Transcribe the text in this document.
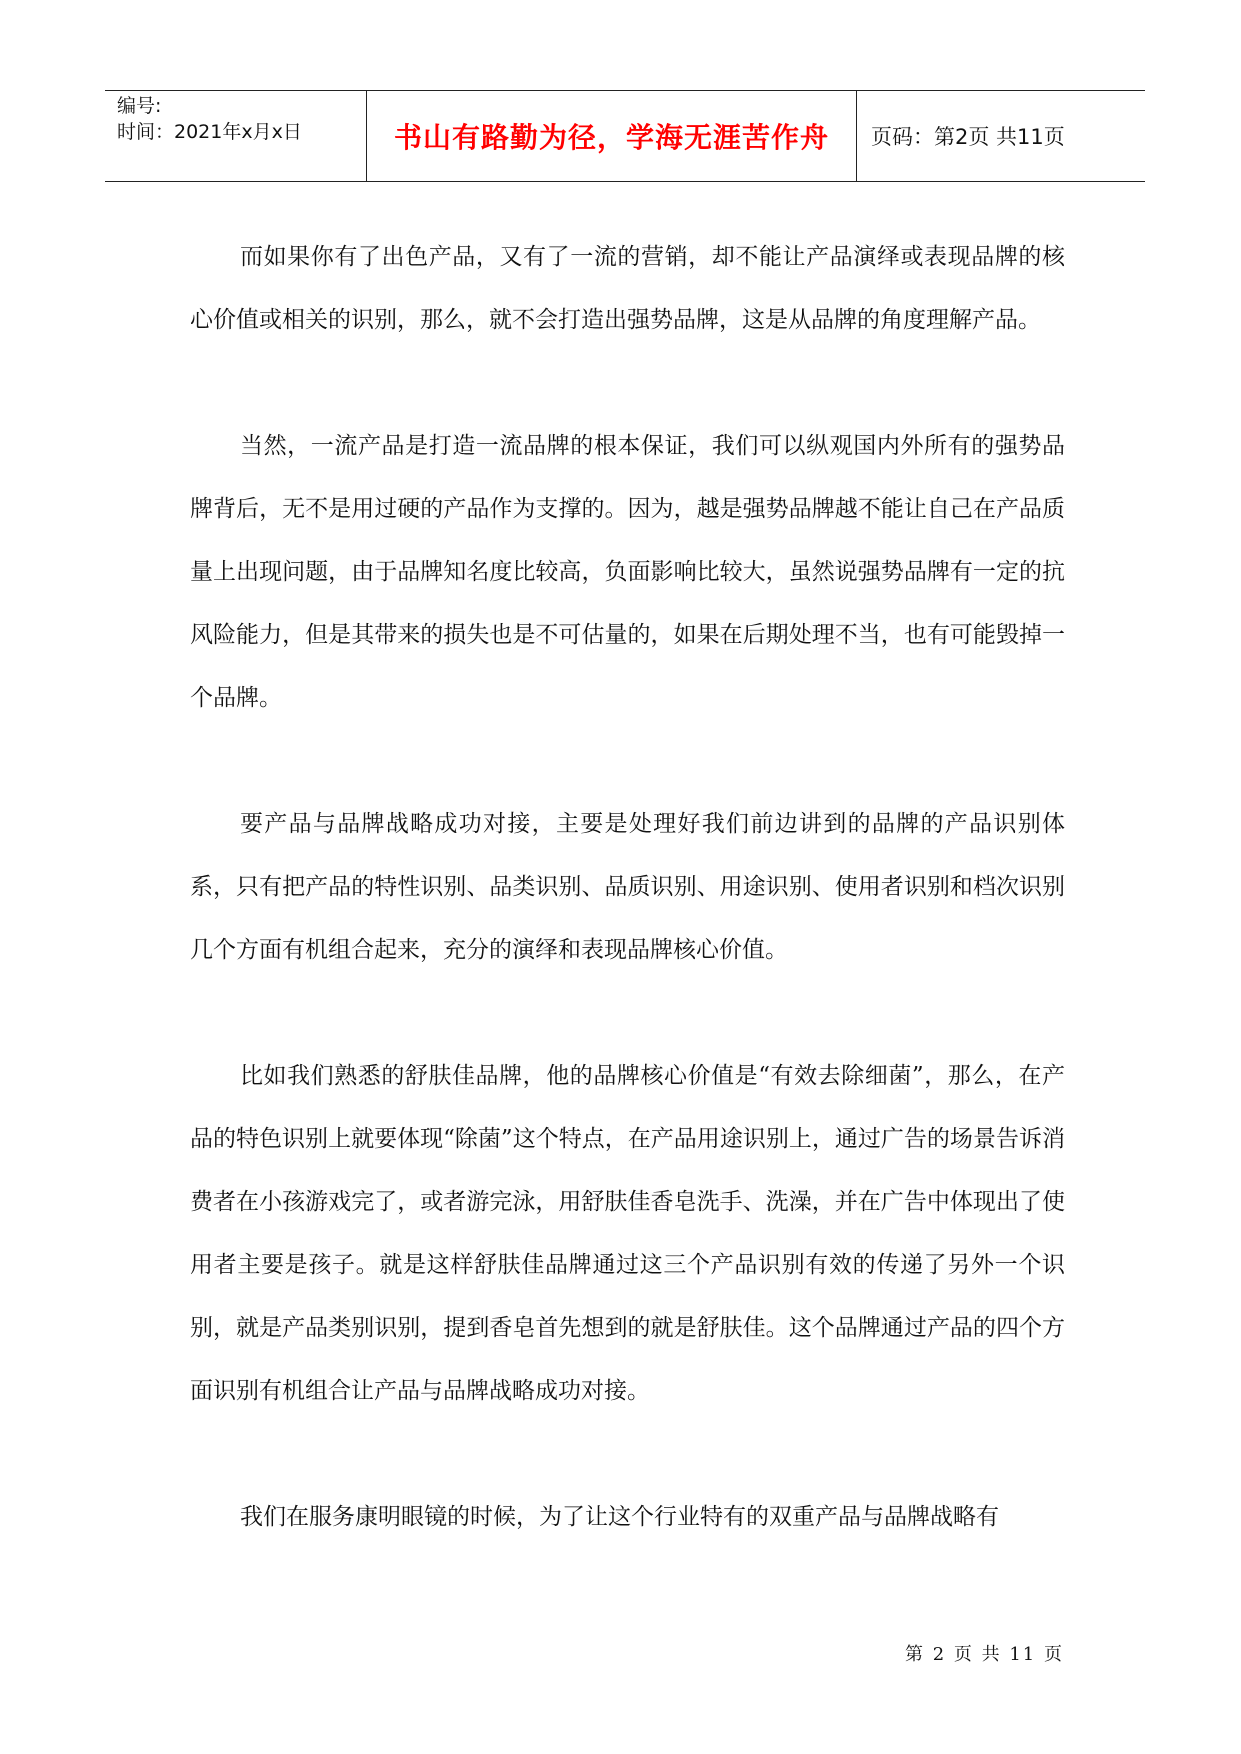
编号:
时间：2021年x月x日	书山有路勤为径，学海无涯苦作舟	页码：第2页 共11页

而如果你有了出色产品，又有了一流的营销，却不能让产品演绎或表现品牌的核心价值或相关的识别，那么，就不会打造出强势品牌，这是从品牌的角度理解产品。

当然，一流产品是打造一流品牌的根本保证，我们可以纵观国内外所有的强势品牌背后，无不是用过硬的产品作为支撑的。因为，越是强势品牌越不能让自己在产品质量上出现问题，由于品牌知名度比较高，负面影响比较大，虽然说强势品牌有一定的抗风险能力，但是其带来的损失也是不可估量的，如果在后期处理不当，也有可能毁掉一个品牌。

要产品与品牌战略成功对接，主要是处理好我们前边讲到的品牌的产品识别体系，只有把产品的特性识别、品类识别、品质识别、用途识别、使用者识别和档次识别几个方面有机组合起来，充分的演绎和表现品牌核心价值。

比如我们熟悉的舒肤佳品牌，他的品牌核心价值是“有效去除细菌”，那么，在产品的特色识别上就要体现“除菌”这个特点，在产品用途识别上，通过广告的场景告诉消费者在小孩游戏完了，或者游完泳，用舒肤佳香皂洗手、洗澡，并在广告中体现出了使用者主要是孩子。就是这样舒肤佳品牌通过这三个产品识别有效的传递了另外一个识别，就是产品类别识别，提到香皂首先想到的就是舒肤佳。这个品牌通过产品的四个方面识别有机组合让产品与品牌战略成功对接。

我们在服务康明眼镜的时候，为了让这个行业特有的双重产品与品牌战略有

第 2 页 共 11 页
